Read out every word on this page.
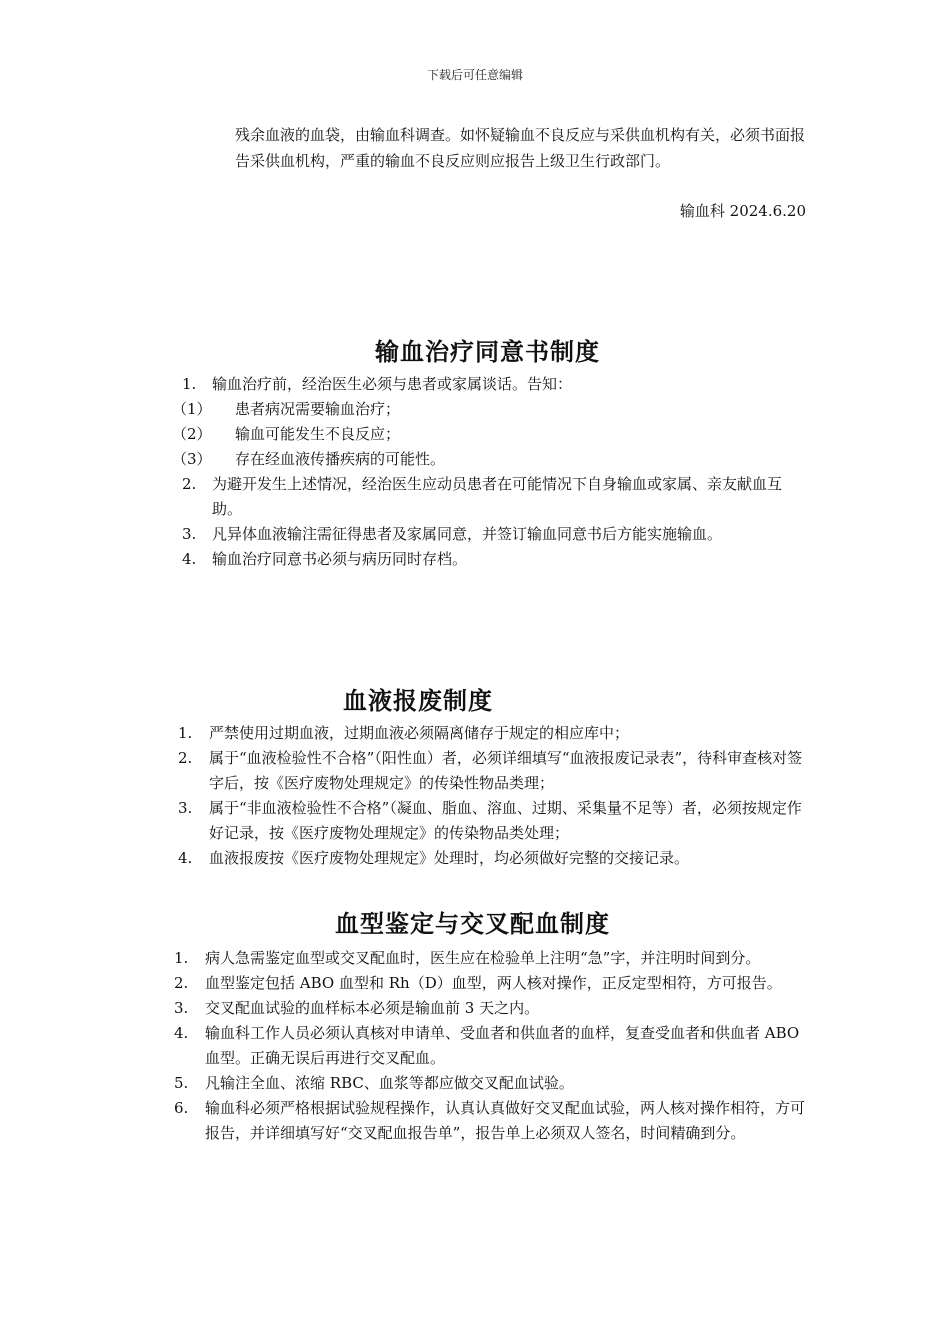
下载后可任意编辑
残余血液的血袋，由输血科调查。如怀疑输血不良反应与采供血机构有关，必须书面报告采供血机构，严重的输血不良反应则应报告上级卫生行政部门。
输血科 2024.6.20
输血治疗同意书制度
1. 输血治疗前，经治医生必须与患者或家属谈话。告知：
（1） 患者病况需要输血治疗；
（2） 输血可能发生不良反应；
（3） 存在经血液传播疾病的可能性。
2. 为避开发生上述情况，经治医生应动员患者在可能情况下自身输血或家属、亲友献血互助。
3. 凡异体血液输注需征得患者及家属同意，并签订输血同意书后方能实施输血。
4. 输血治疗同意书必须与病历同时存档。
血液报废制度
1. 严禁使用过期血液，过期血液必须隔离储存于规定的相应库中；
2. 属于“血液检验性不合格”（阳性血）者，必须详细填写“血液报废记录表”，待科审查核对签字后，按《医疗废物处理规定》的传染性物品类理；
3. 属于“非血液检验性不合格”（凝血、脂血、溶血、过期、采集量不足等）者，必须按规定作好记录，按《医疗废物处理规定》的传染物品类处理；
4. 血液报废按《医疗废物处理规定》处理时，均必须做好完整的交接记录。
血型鉴定与交叉配血制度
1. 病人急需鉴定血型或交叉配血时，医生应在检验单上注明“急”字，并注明时间到分。
2. 血型鉴定包括 ABO 血型和 Rh（D）血型，两人核对操作，正反定型相符，方可报告。
3. 交叉配血试验的血样标本必须是输血前 3 天之内。
4. 输血科工作人员必须认真核对申请单、受血者和供血者的血样，复查受血者和供血者 ABO 血型。正确无误后再进行交叉配血。
5. 凡输注全血、浓缩 RBC、血浆等都应做交叉配血试验。
6. 输血科必须严格根据试验规程操作，认真认真做好交叉配血试验，两人核对操作相符，方可报告，并详细填写好“交叉配血报告单”，报告单上必须双人签名，时间精确到分。
